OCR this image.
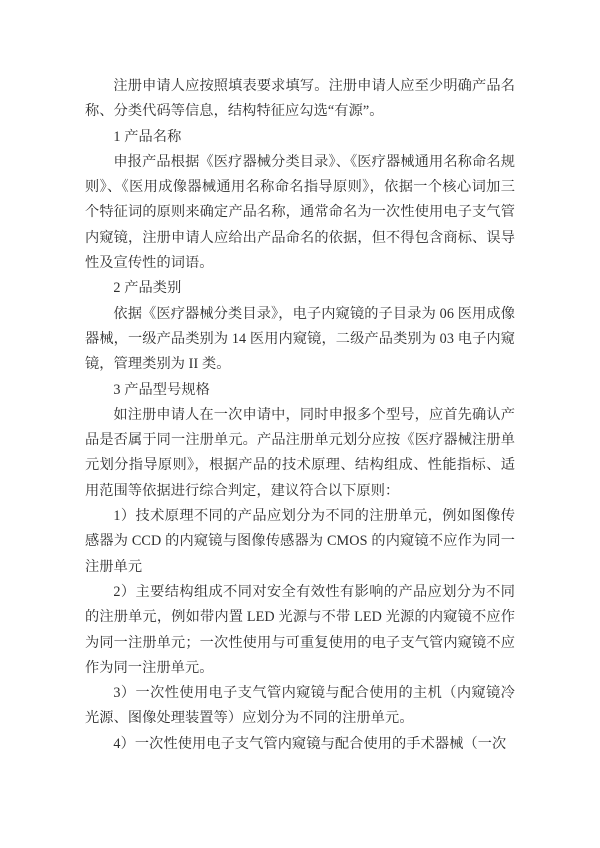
注册申请人应按照填表要求填写。注册申请人应至少明确产品名称、分类代码等信息，结构特征应勾选“有源”。

1 产品名称

申报产品根据《医疗器械分类目录》、《医疗器械通用名称命名规则》、《医用成像器械通用名称命名指导原则》，依据一个核心词加三个特征词的原则来确定产品名称，通常命名为一次性使用电子支气管内窥镜，注册申请人应给出产品命名的依据，但不得包含商标、误导性及宣传性的词语。

2 产品类别

依据《医疗器械分类目录》，电子内窥镜的子目录为 06 医用成像器械，一级产品类别为 14 医用内窥镜，二级产品类别为 03 电子内窥镜，管理类别为 II 类。

3 产品型号规格

如注册申请人在一次申请中，同时申报多个型号，应首先确认产品是否属于同一注册单元。产品注册单元划分应按《医疗器械注册单元划分指导原则》，根据产品的技术原理、结构组成、性能指标、适用范围等依据进行综合判定，建议符合以下原则：

1）技术原理不同的产品应划分为不同的注册单元，例如图像传感器为 CCD 的内窥镜与图像传感器为 CMOS 的内窥镜不应作为同一注册单元

2）主要结构组成不同对安全有效性有影响的产品应划分为不同的注册单元，例如带内置 LED 光源与不带 LED 光源的内窥镜不应作为同一注册单元；一次性使用与可重复使用的电子支气管内窥镜不应作为同一注册单元。

3）一次性使用电子支气管内窥镜与配合使用的主机（内窥镜冷光源、图像处理装置等）应划分为不同的注册单元。

4）一次性使用电子支气管内窥镜与配合使用的手术器械（一次
